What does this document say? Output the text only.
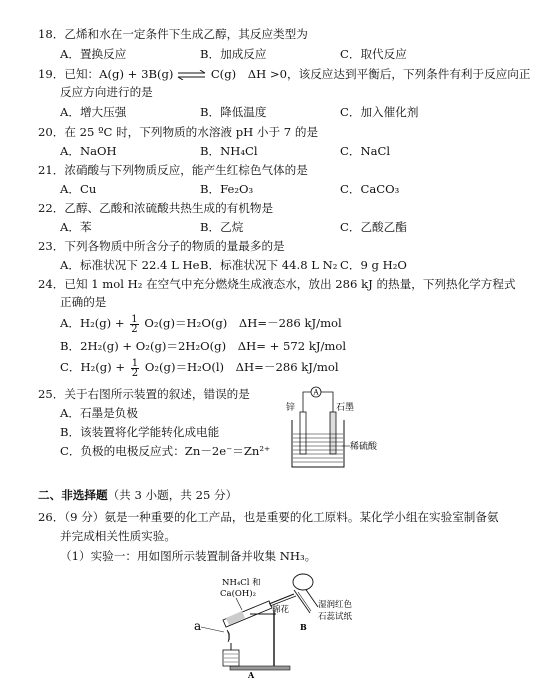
18．乙烯和水在一定条件下生成乙醇，其反应类型为
A．置换反应	B．加成反应	C．取代反应
19．已知：A(g) + 3B(g) ⇌ C(g)　ΔH >0，该反应达到平衡后，下列条件有利于反应向正
反应方向进行的是
A．增大压强	B．降低温度	C．加入催化剂
20．在 25 ºC 时，下列物质的水溶液 pH 小于 7 的是
A．NaOH	B．NH₄Cl	C．NaCl
21．浓硝酸与下列物质反应，能产生红棕色气体的是
A．Cu	B．Fe₂O₃	C．CaCO₃
22．乙醇、乙酸和浓硫酸共热生成的有机物是
A．苯	B．乙烷	C．乙酸乙酯
23．下列各物质中所含分子的物质的量最多的是
A．标准状况下 22.4 L He B．标准状况下 44.8 L N₂ C．9 g H₂O
24．已知 1 mol H₂ 在空气中充分燃烧生成液态水，放出 286 kJ 的热量，下列热化学方程式
正确的是
A．$H_2(g) + \frac{1}{2} O_2(g)=H_2O(g)$　ΔH=－286 kJ/mol
B．2H₂(g) + O₂(g)＝2H₂O(g)　ΔH= + 572 kJ/mol
C．$H_2(g) + \frac{1}{2} O_2(g)=H_2O(l)$　ΔH=－286 kJ/mol
25．关于右图所示装置的叙述，错误的是
A．石墨是负极
B．该装置将化学能转化成电能
C．负极的电极反应式：Zn－2e⁻＝Zn²⁺
A
锌	石墨
稀硫酸
二、非选择题（共 3 小题，共 25 分）
26．（9 分）氨是一种重要的化工产品，也是重要的化工原料。某化学小组在实验室制备氨
并完成相关性质实验。
（1）实验一：用如图所示装置制备并收集 NH₃。
NH₄Cl 和
Ca(OH)₂
棉花	湿润红色
石蕊试纸
B
a
A
